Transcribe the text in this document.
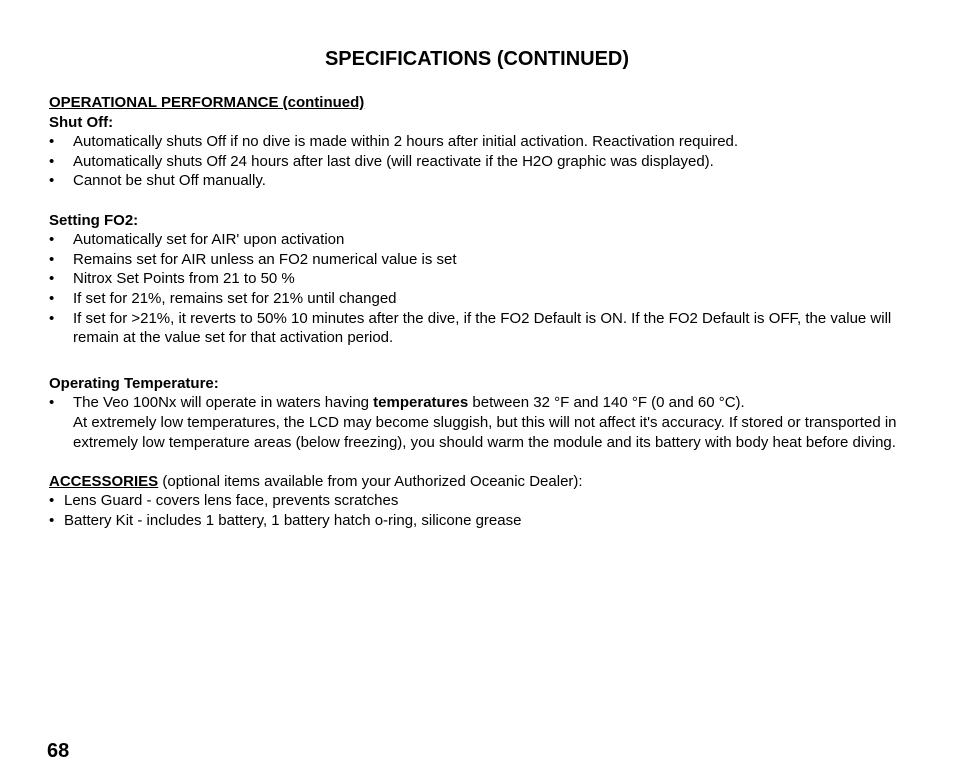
SPECIFICATIONS (CONTINUED)
OPERATIONAL PERFORMANCE (continued)
Shut Off:
• Automatically shuts Off if no dive is made within 2 hours after initial activation. Reactivation required.
• Automatically shuts Off 24 hours after last dive (will reactivate if the H2O graphic was displayed).
• Cannot be shut Off manually.
Setting FO2:
• Automatically set for AIR' upon activation
• Remains set for AIR unless an FO2 numerical value is set
• Nitrox Set Points from 21 to 50 %
• If set for 21%, remains set for 21% until changed
• If set for >21%, it reverts to 50% 10 minutes after the dive, if the FO2 Default is ON. If the FO2 Default is OFF, the value will remain at the value set for that activation period.
Operating Temperature:
• The Veo 100Nx will operate in waters having temperatures between 32 °F and 140 °F (0 and 60 °C).
At extremely low temperatures, the LCD may become sluggish, but this will not affect it's accuracy. If stored or transported in extremely low temperature areas (below freezing), you should warm the module and its battery with body heat before diving.
ACCESSORIES (optional items available from your Authorized Oceanic Dealer):
• Lens Guard - covers lens face, prevents scratches
• Battery Kit - includes 1 battery, 1 battery hatch o-ring, silicone grease
68
